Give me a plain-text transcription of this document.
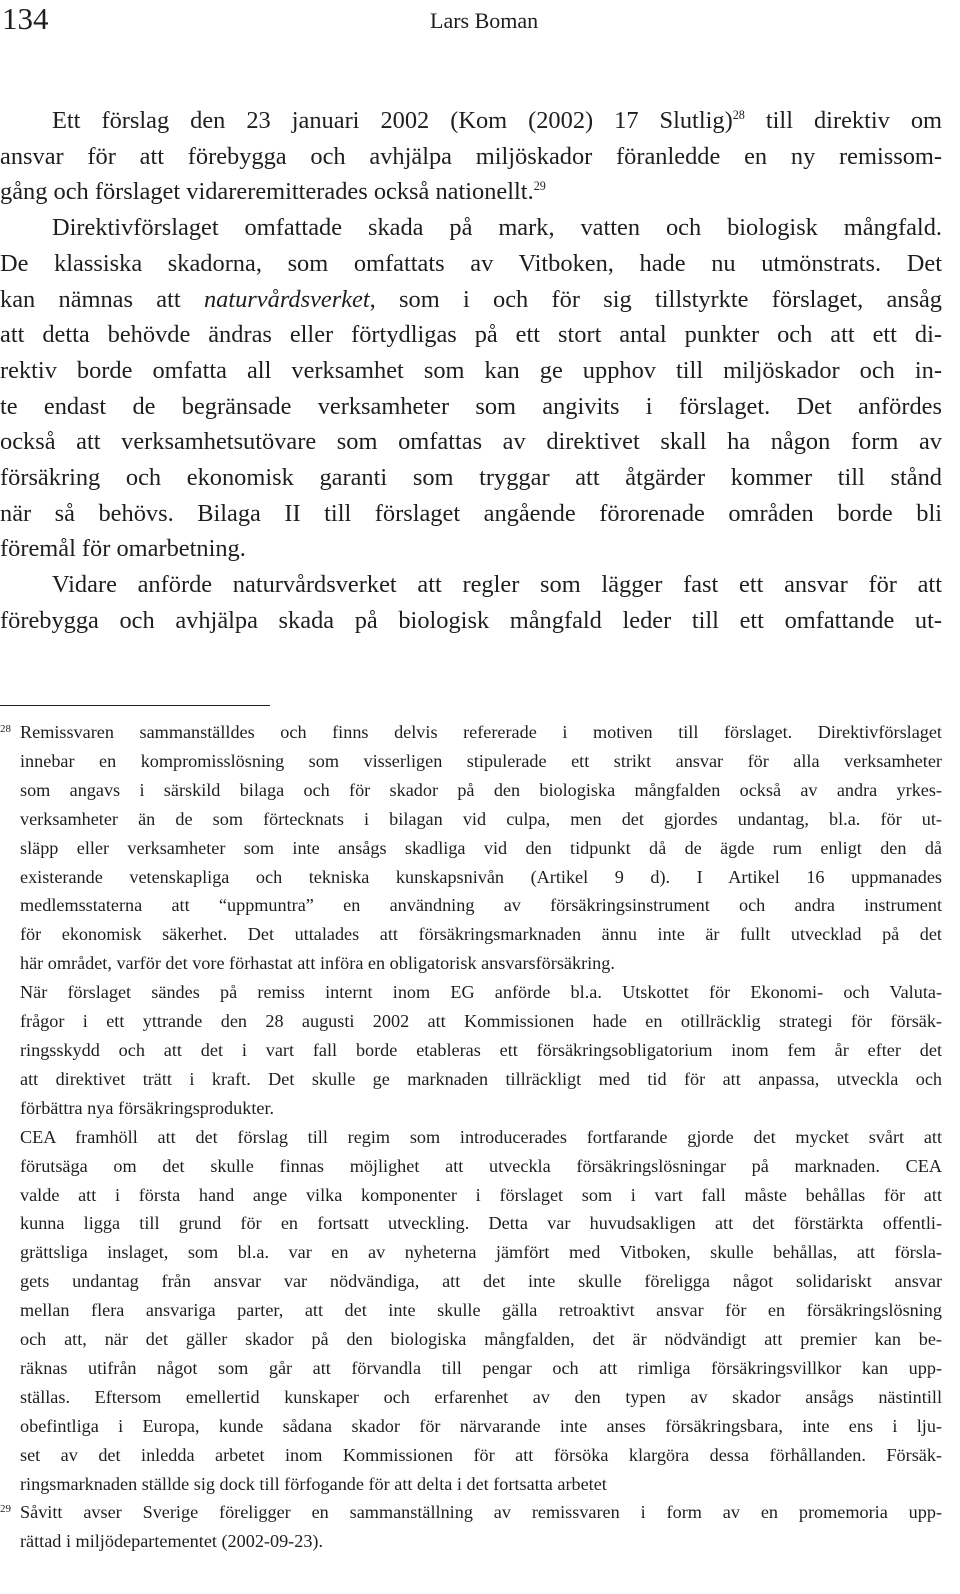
134	Lars Boman

Ett förslag den 23 januari 2002 (Kom (2002) 17 Slutlig)$^{28}$ till direktiv om
ansvar för att förebygga och avhjälpa miljöskador föranledde en ny remissom-
gång och förslaget vidareremitterades också nationellt.$^{29}$
Direktivförslaget omfattade skada på mark, vatten och biologisk mångfald.
De klassiska skadorna, som omfattats av Vitboken, hade nu utmönstrats. Det
kan nämnas att naturvårdsverket, som i och för sig tillstyrkte förslaget, ansåg
att detta behövde ändras eller förtydligas på ett stort antal punkter och att ett di-
rektiv borde omfatta all verksamhet som kan ge upphov till miljöskador och in-
te endast de begränsade verksamheter som angivits i förslaget. Det anfördes
också att verksamhetsutövare som omfattas av direktivet skall ha någon form av
försäkring och ekonomisk garanti som tryggar att åtgärder kommer till stånd
när så behövs. Bilaga II till förslaget angående förorenade områden borde bli
föremål för omarbetning.

Vidare anförde naturvårdsverket att regler som lägger fast ett ansvar för att
förebygga och avhjälpa skada på biologisk mångfald leder till ett omfattande ut-

28 Remissvaren sammanställdes och finns delvis refererade i motiven till förslaget. Direktivförslaget
innebar en kompromisslösning som visserligen stipulerade ett strikt ansvar för alla verksamheter
som angavs i särskild bilaga och för skador på den biologiska mångfalden också av andra yrkes-
verksamheter än de som förtecknats i bilagan vid culpa, men det gjordes undantag, bl.a. för ut-
släpp eller verksamheter som inte ansågs skadliga vid den tidpunkt då de ägde rum enligt den då
existerande vetenskapliga och tekniska kunskapsnivån (Artikel 9 d). I Artikel 16 uppmanades
medlemsstaterna att “uppmuntra” en användning av försäkringsinstrument och andra instrument
för ekonomisk säkerhet. Det uttalades att försäkringsmarknaden ännu inte är fullt utvecklad på det
här området, varför det vore förhastat att införa en obligatorisk ansvarsförsäkring.
När förslaget sändes på remiss internt inom EG anförde bl.a. Utskottet för Ekonomi- och Valuta-
frågor i ett yttrande den 28 augusti 2002 att Kommissionen hade en otillräcklig strategi för försäk-
ringsskydd och att det i vart fall borde etableras ett försäkringsobligatorium inom fem år efter det
att direktivet trätt i kraft. Det skulle ge marknaden tillräckligt med tid för att anpassa, utveckla och
förbättra nya försäkringsprodukter.
CEA framhöll att det förslag till regim som introducerades fortfarande gjorde det mycket svårt att
förutsäga om det skulle finnas möjlighet att utveckla försäkringslösningar på marknaden. CEA
valde att i första hand ange vilka komponenter i förslaget som i vart fall måste behållas för att
kunna ligga till grund för en fortsatt utveckling. Detta var huvudsakligen att det förstärkta offentli-
grättsliga inslaget, som bl.a. var en av nyheterna jämfört med Vitboken, skulle behållas, att försla-
gets undantag från ansvar var nödvändiga, att det inte skulle föreligga något solidariskt ansvar
mellan flera ansvariga parter, att det inte skulle gälla retroaktivt ansvar för en försäkringslösning
och att, när det gäller skador på den biologiska mångfalden, det är nödvändigt att premier kan be-
räknas utifrån något som går att förvandla till pengar och att rimliga försäkringsvillkor kan upp-
ställas. Eftersom emellertid kunskaper och erfarenhet av den typen av skador ansågs nästintill
obefintliga i Europa, kunde sådana skador för närvarande inte anses försäkringsbara, inte ens i lju-
set av det inledda arbetet inom Kommissionen för att försöka klargöra dessa förhållanden. Försäk-
ringsmarknaden ställde sig dock till förfogande för att delta i det fortsatta arbetet
29 Såvitt avser Sverige föreligger en sammanställning av remissvaren i form av en promemoria upp-
rättad i miljödepartementet (2002-09-23).
